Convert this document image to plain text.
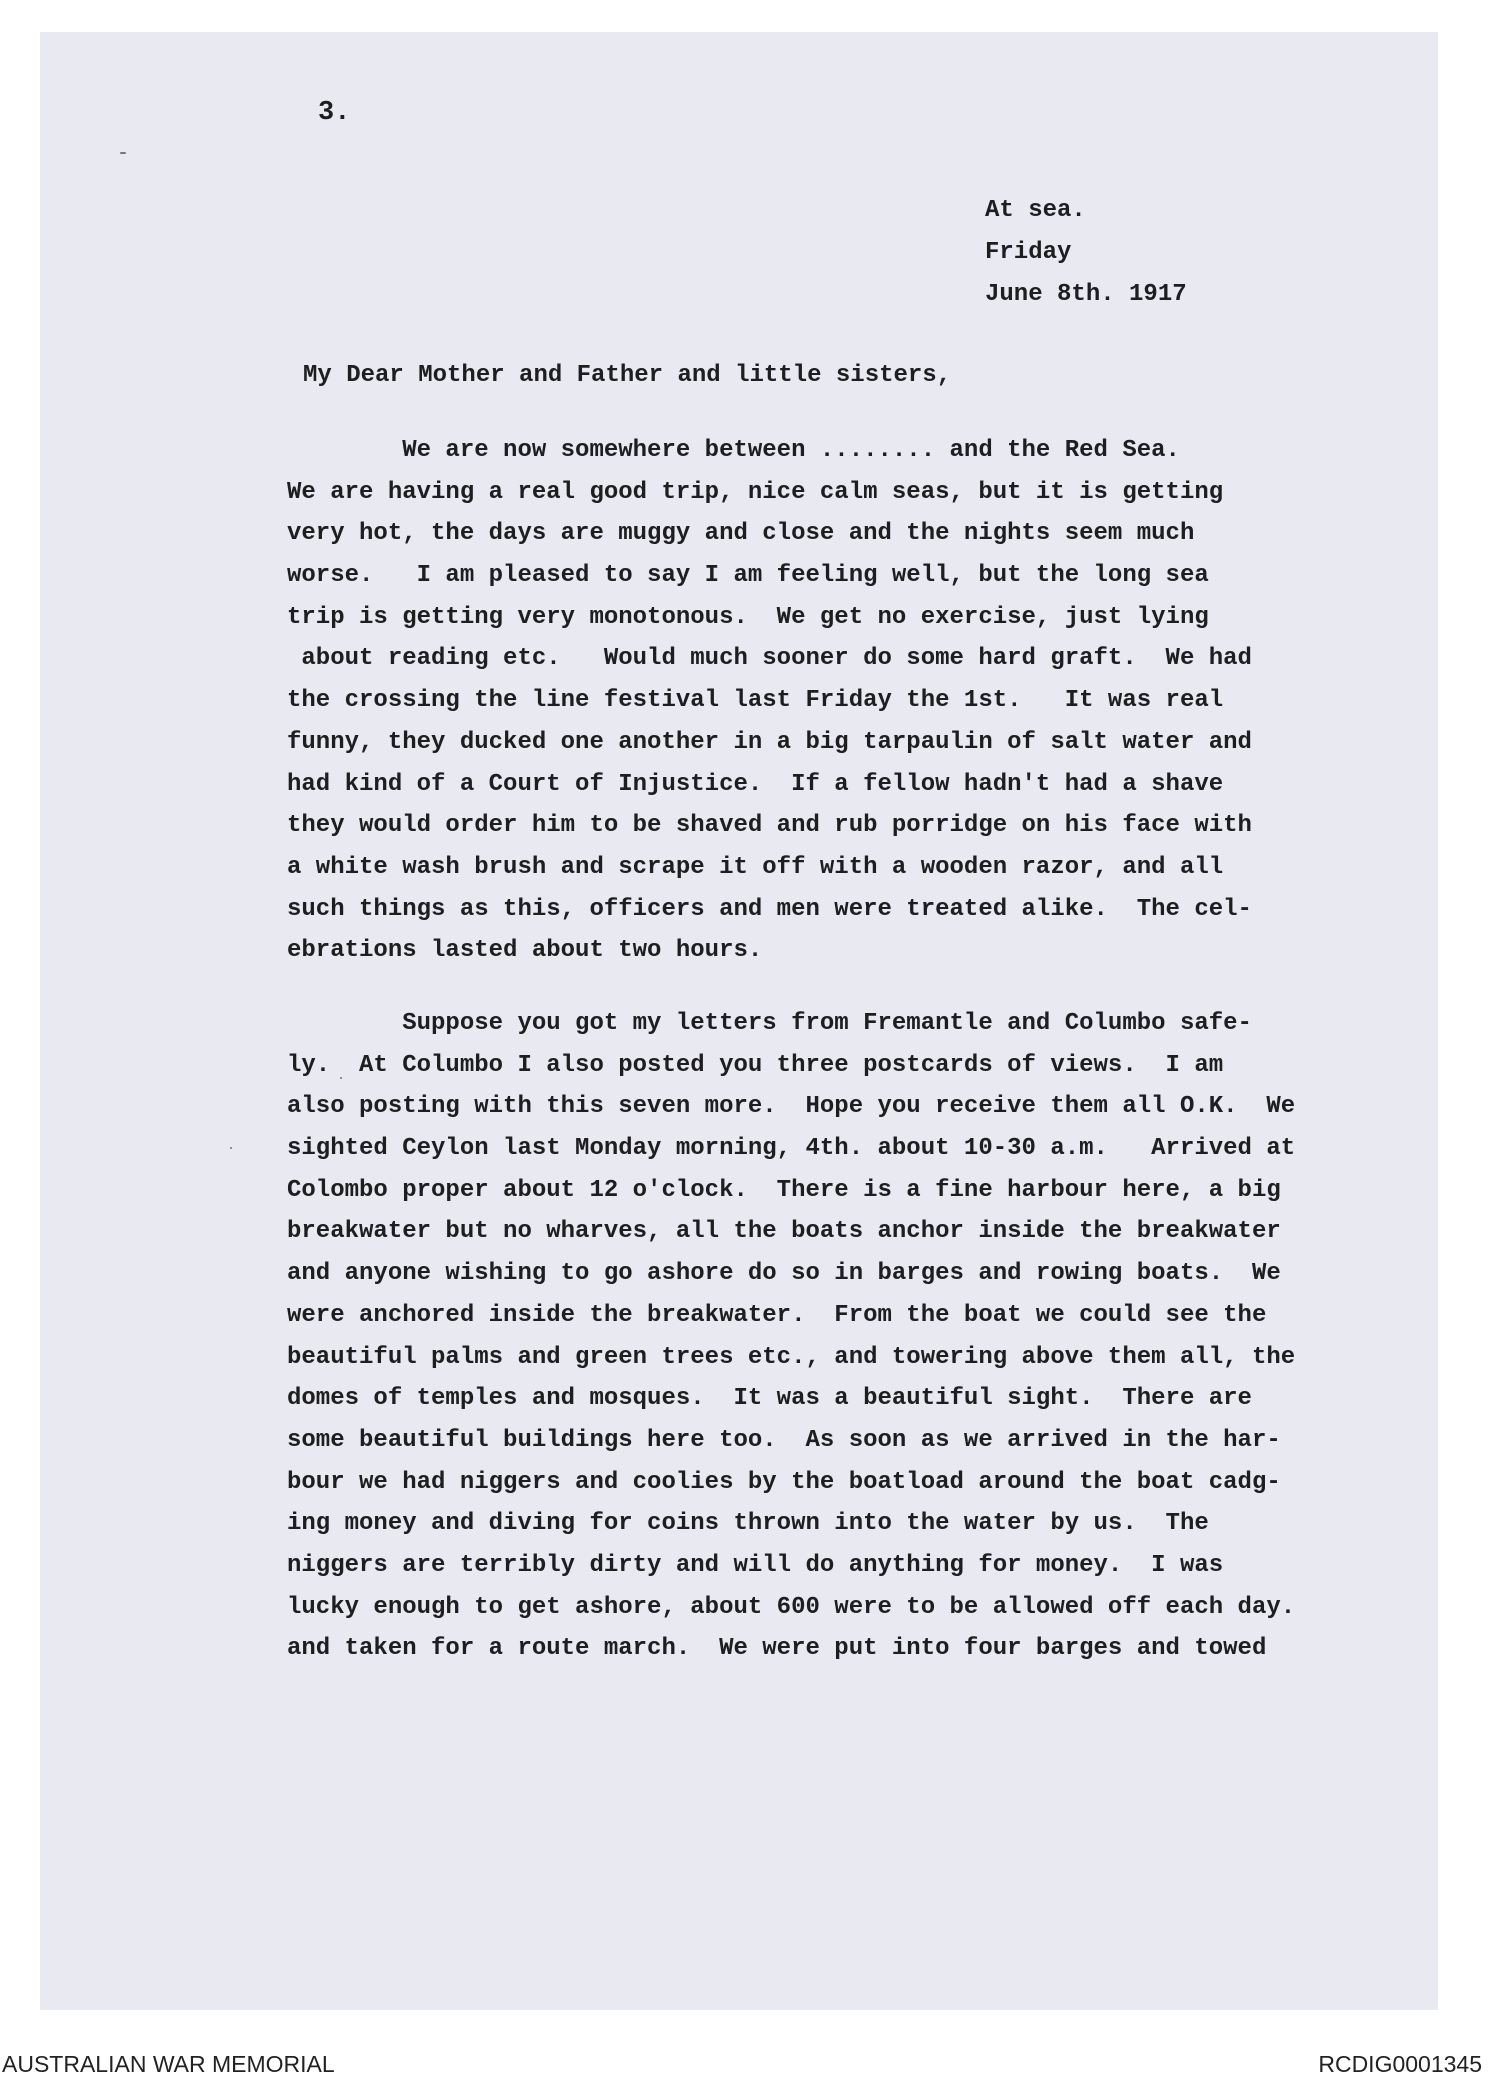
3.
At sea.
Friday
June 8th. 1917
My Dear Mother and Father and little sisters,
We are now somewhere between ........ and the Red Sea.
We are having a real good trip, nice calm seas, but it is getting
very hot, the days are muggy and close and the nights seem much
worse.   I am pleased to say I am feeling well, but the long sea
trip is getting very monotonous.  We get no exercise, just lying
about reading etc.   Would much sooner do some hard graft.  We had
the crossing the line festival last Friday the 1st.   It was real
funny, they ducked one another in a big tarpaulin of salt water and
had kind of a Court of Injustice.  If a fellow hadn't had a shave
they would order him to be shaved and rub porridge on his face with
a white wash brush and scrape it off with a wooden razor, and all
such things as this, officers and men were treated alike.  The cel-
ebrations lasted about two hours.
Suppose you got my letters from Fremantle and Columbo safe-
ly.  At Columbo I also posted you three postcards of views.  I am
also posting with this seven more.  Hope you receive them all O.K.  We
sighted Ceylon last Monday morning, 4th. about 10-30 a.m.   Arrived at
Colombo proper about 12 o'clock.  There is a fine harbour here, a big
breakwater but no wharves, all the boats anchor inside the breakwater
and anyone wishing to go ashore do so in barges and rowing boats.  We
were anchored inside the breakwater.  From the boat we could see the
beautiful palms and green trees etc., and towering above them all, the
domes of temples and mosques.  It was a beautiful sight.  There are
some beautiful buildings here too.  As soon as we arrived in the har-
bour we had niggers and coolies by the boatload around the boat cadg-
ing money and diving for coins thrown into the water by us.  The
niggers are terribly dirty and will do anything for money.  I was
lucky enough to get ashore, about 600 were to be allowed off each day.
and taken for a route march.  We were put into four barges and towed
AUSTRALIAN WAR MEMORIAL	RCDIG0001345
